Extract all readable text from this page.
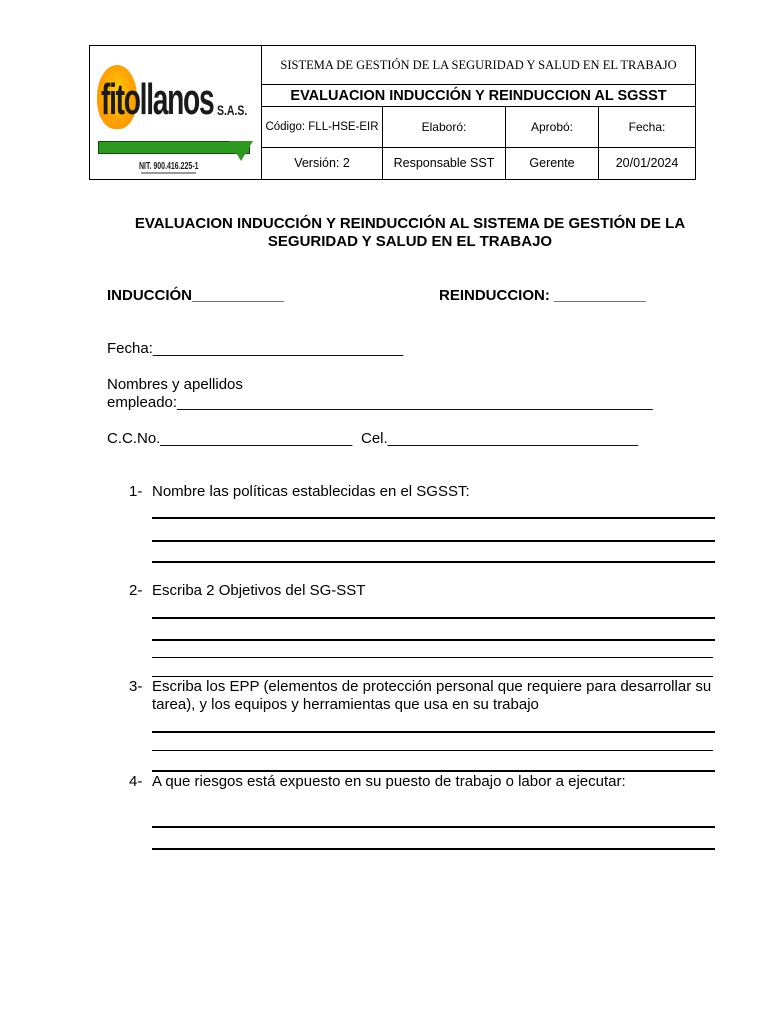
	SISTEMA DE GESTIÓN DE LA SEGURIDAD Y SALUD EN EL TRABAJO			
	EVALUACION INDUCCIÓN Y REINDUCCION AL SGSST			
	Código: FLL-HSE-EIR	Elaboró:	Aprobó:	Fecha:
	Versión: 2	Responsable SST	Gerente	20/01/2024
fitollanos S.A.S.
NIT. 900.416.225-1
EVALUACION INDUCCIÓN Y REINDUCCIÓN AL SISTEMA DE GESTIÓN DE LA
SEGURIDAD Y SALUD EN EL TRABAJO
INDUCCIÓN___________	REINDUCCION: ___________
Fecha:______________________________
Nombres y apellidos
empleado:_________________________________________________________
C.C.No._______________________ Cel.______________________________
1- Nombre las políticas establecidas en el SGSST:
2- Escriba 2 Objetivos del SG-SST
3- Escriba los EPP (elementos de protección personal que requiere para desarrollar su tarea), y los equipos y herramientas que usa en su trabajo
4- A que riesgos está expuesto en su puesto de trabajo o labor a ejecutar:
